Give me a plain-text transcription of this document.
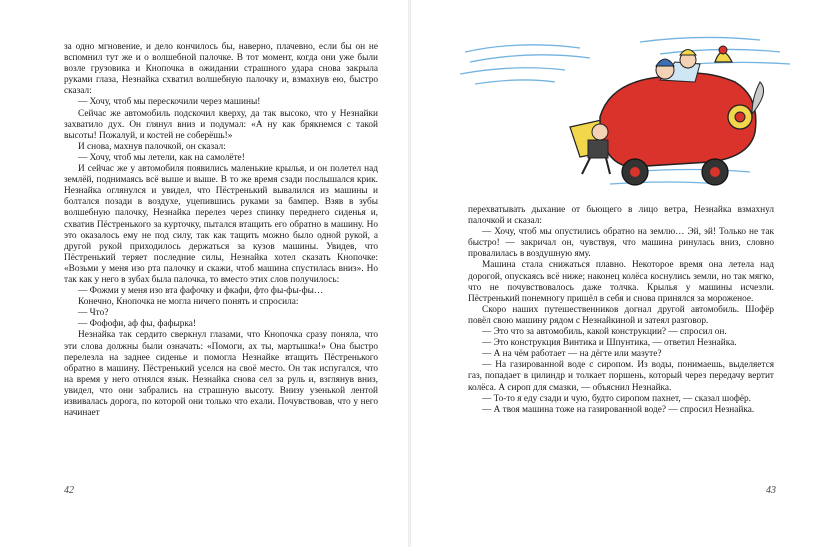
за одно мгновение, и дело кончилось бы, наверно, плачевно, если бы он не вспомнил тут же и о волшебной палочке. В тот момент, когда они уже были возле грузовика и Кнопочка в ожидании страшного удара снова закрыла руками глаза, Незнайка схватил волшебную палочку и, взмахнув ею, быстро сказал:

— Хочу, чтоб мы перескочили через машины!

Сейчас же автомобиль подскочил кверху, да так высоко, что у Незнайки захватило дух. Он глянул вниз и подумал: «А ну как брякнемся с такой высоты! Пожалуй, и костей не соберёшь!»

И снова, махнув палочкой, он сказал:

— Хочу, чтоб мы летели, как на самолёте!

И сейчас же у автомобиля появились маленькие крылья, и он полетел над землёй, поднимаясь всё выше и выше. В то же время сзади послышался крик. Незнайка оглянулся и увидел, что Пёстренький вывалился из машины и болтался позади в воздухе, уцепившись руками за бампер. Взяв в зубы волшебную палочку, Незнайка перелез через спинку переднего сиденья и, схватив Пёстренького за курточку, пытался втащить его обратно в машину. Но это оказалось ему не под силу, так как тащить можно было одной рукой, а другой рукой приходилось держаться за кузов машины. Увидев, что Пёстренький теряет последние силы, Незнайка хотел сказать Кнопочке: «Возьми у меня изо рта палочку и скажи, чтоб машина спустилась вниз». Но так как у него в зубах была палочка, то вместо этих слов получилось:

— Фожми у меня изо вта фафочку и фкафи, фто фы-фы-фы…

Конечно, Кнопочка не могла ничего понять и спросила:

— Что?

— Фофофи, аф фы, фафырка!

Незнайка так сердито сверкнул глазами, что Кнопочка сразу поняла, что эти слова должны были означать: «Помоги, ах ты, мартышка!» Она быстро перелезла на заднее сиденье и помогла Незнайке втащить Пёстренького обратно в машину. Пёстренький уселся на своё место. Он так испугался, что на время у него отнялся язык. Незнайка снова сел за руль и, взглянув вниз, увидел, что они забрались на страшную высоту. Внизу узенькой лентой извивалась дорога, по которой они только что ехали. Почувствовав, что у него начинает

42

перехватывать дыхание от бьющего в лицо ветра, Незнайка взмахнул палочкой и сказал:

— Хочу, чтоб мы опустились обратно на землю… Эй, эй! Только не так быстро! — закричал он, чувствуя, что машина ринулась вниз, словно провалилась в воздушную яму.

Машина стала снижаться плавно. Некоторое время она летела над дорогой, опускаясь всё ниже; наконец колёса коснулись земли, но так мягко, что не почувствовалось даже толчка. Крылья у машины исчезли. Пёстренький понемногу пришёл в себя и снова принялся за мороженое.

Скоро наших путешественников догнал другой автомобиль. Шофёр повёл свою машину рядом с Незнайкиной и затеял разговор.

— Это что за автомобиль, какой конструкции? — спросил он.

— Это конструкция Винтика и Шпунтика, — ответил Незнайка.

— А на чём работает — на дёгте или мазуте?

— На газированной воде с сиропом. Из воды, понимаешь, выделяется газ, попадает в цилиндр и толкает поршень, который через передачу вертит колёса. А сироп для смазки, — объяснил Незнайка.

— То-то я еду сзади и чую, будто сиропом пахнет, — сказал шофёр.

— А твоя машина тоже на газированной воде? — спросил Незнайка.

43
